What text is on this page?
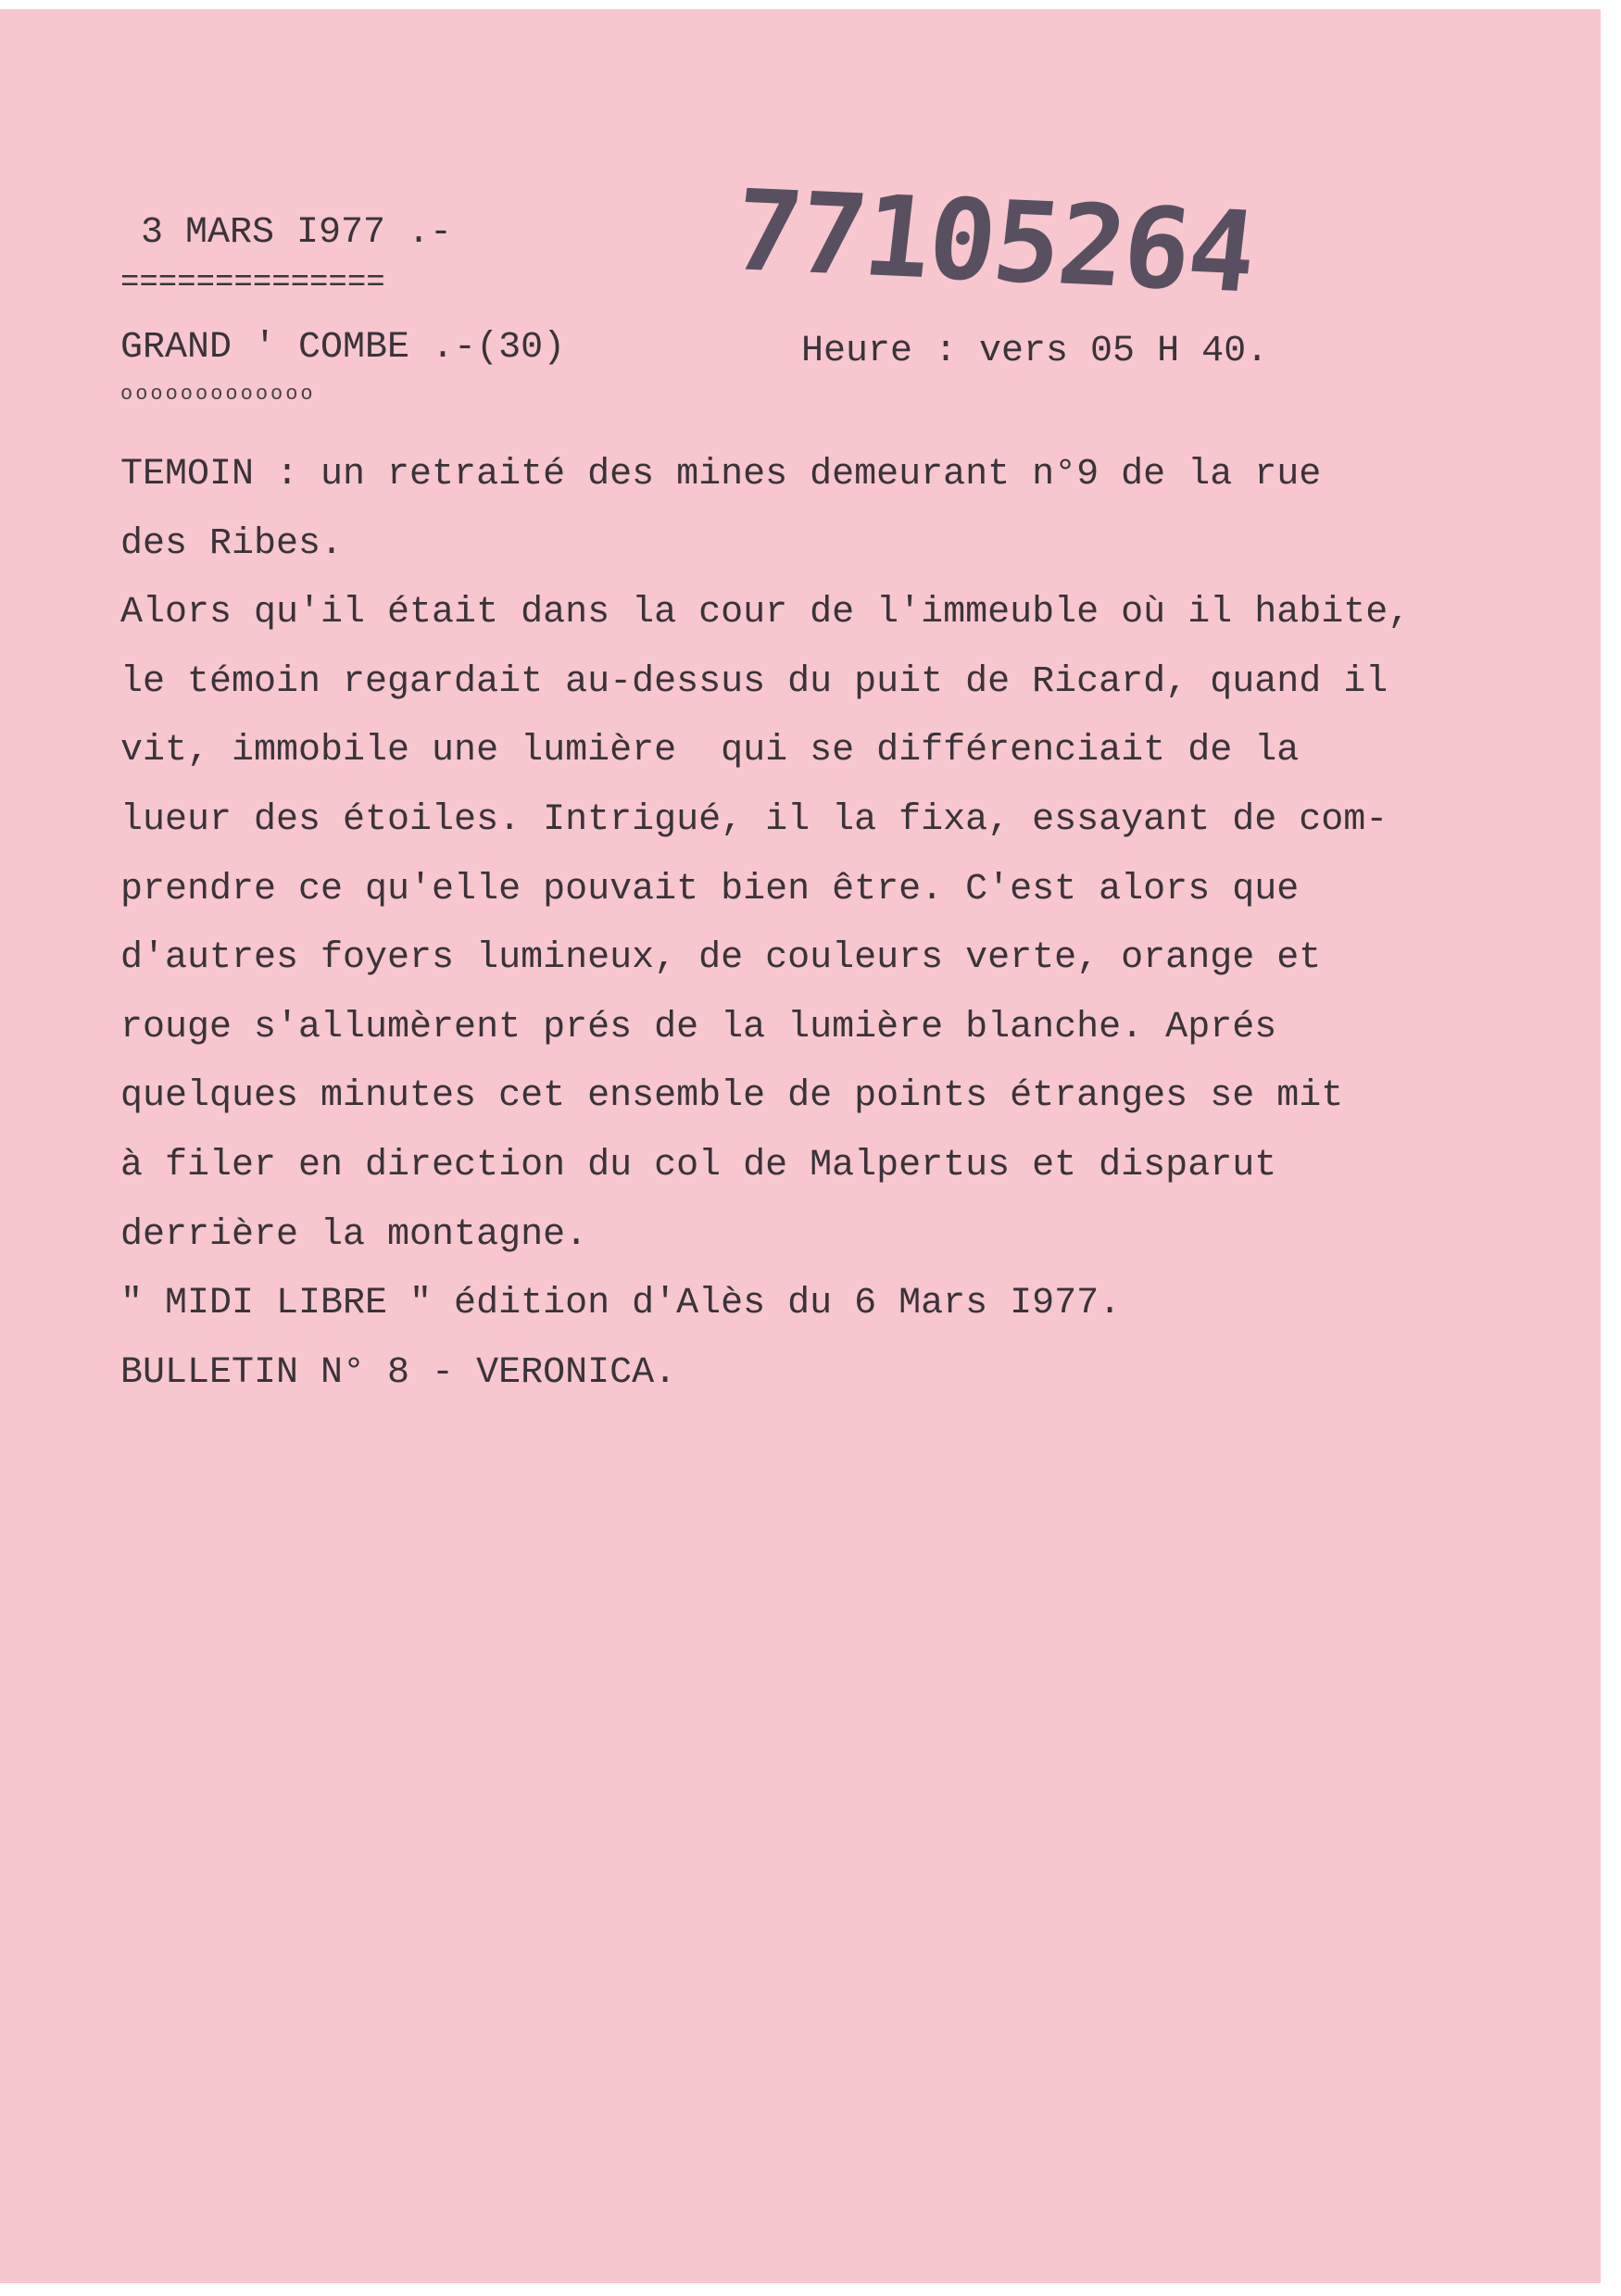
3 MARS I977 .-
==============
GRAND ' COMBE .-(30)
ooooooooooooo
Heure : vers 05 H 40.
77105264
TEMOIN : un retraité des mines demeurant n°9 de la rue
des Ribes.
Alors qu'il était dans la cour de l'immeuble où il habite,
le témoin regardait au-dessus du puit de Ricard, quand il
vit, immobile une lumière  qui se différenciait de la
lueur des étoiles. Intrigué, il la fixa, essayant de com-
prendre ce qu'elle pouvait bien être. C'est alors que
d'autres foyers lumineux, de couleurs verte, orange et
rouge s'allumèrent prés de la lumière blanche. Aprés
quelques minutes cet ensemble de points étranges se mit
à filer en direction du col de Malpertus et disparut
derrière la montagne.
" MIDI LIBRE " édition d'Alès du 6 Mars I977.
BULLETIN N° 8 - VERONICA.
